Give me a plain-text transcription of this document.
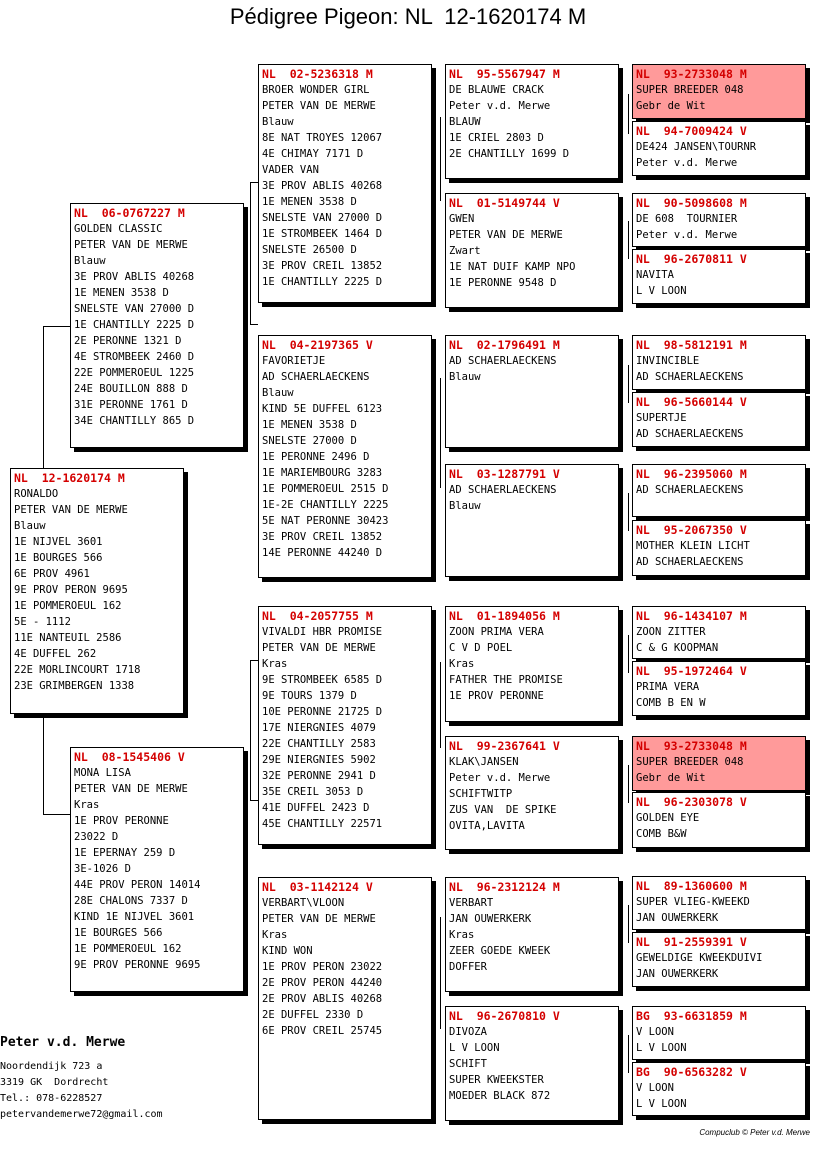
Pédigree Pigeon: NL  12-1620174 M
NL  12-1620174 M
RONALDO
PETER VAN DE MERWE
Blauw
1E NIJVEL 3601
1E BOURGES 566
6E PROV 4961
9E PROV PERON 9695
1E POMMEROEUL 162
5E - 1112
11E NANTEUIL 2586
4E DUFFEL 262
22E MORLINCOURT 1718
23E GRIMBERGEN 1338
NL  06-0767227 M
GOLDEN CLASSIC
PETER VAN DE MERWE
Blauw
3E PROV ABLIS 40268
1E MENEN 3538 D
SNELSTE VAN 27000 D
1E CHANTILLY 2225 D
2E PERONNE 1321 D
4E STROMBEEK 2460 D
22E POMMEROEUL 1225
24E BOUILLON 888 D
31E PERONNE 1761 D
34E CHANTILLY 865 D
NL  08-1545406 V
MONA LISA
PETER VAN DE MERWE
Kras
1E PROV PERONNE
23022 D
1E EPERNAY 259 D
3E-1026 D
44E PROV PERON 14014
28E CHALONS 7337 D
KIND 1E NIJVEL 3601
1E BOURGES 566
1E POMMEROEUL 162
9E PROV PERONNE 9695
NL  02-5236318 M
BROER WONDER GIRL
PETER VAN DE MERWE
Blauw
8E NAT TROYES 12067
4E CHIMAY 7171 D
VADER VAN
3E PROV ABLIS 40268
1E MENEN 3538 D
SNELSTE VAN 27000 D
1E STROMBEEK 1464 D
SNELSTE 26500 D
3E PROV CREIL 13852
1E CHANTILLY 2225 D
NL  04-2197365 V
FAVORIETJE
AD SCHAERLAECKENS
Blauw
KIND 5E DUFFEL 6123
1E MENEN 3538 D
SNELSTE 27000 D
1E PERONNE 2496 D
1E MARIEMBOURG 3283
1E POMMEROEUL 2515 D
1E-2E CHANTILLY 2225
5E NAT PERONNE 30423
3E PROV CREIL 13852
14E PERONNE 44240 D
NL  04-2057755 M
VIVALDI HBR PROMISE
PETER VAN DE MERWE
Kras
9E STROMBEEK 6585 D
9E TOURS 1379 D
10E PERONNE 21725 D
17E NIERGNIES 4079
22E CHANTILLY 2583
29E NIERGNIES 5902
32E PERONNE 2941 D
35E CREIL 3053 D
41E DUFFEL 2423 D
45E CHANTILLY 22571
NL  03-1142124 V
VERBART\VLOON
PETER VAN DE MERWE
Kras
KIND WON
1E PROV PERON 23022
2E PROV PERON 44240
2E PROV ABLIS 40268
2E DUFFEL 2330 D
6E PROV CREIL 25745
NL  95-5567947 M
DE BLAUWE CRACK
Peter v.d. Merwe
BLAUW
1E CRIEL 2803 D
2E CHANTILLY 1699 D
NL  01-5149744 V
GWEN
PETER VAN DE MERWE
Zwart
1E NAT DUIF KAMP NPO
1E PERONNE 9548 D
NL  02-1796491 M
AD SCHAERLAECKENS
Blauw
NL  03-1287791 V
AD SCHAERLAECKENS
Blauw
NL  01-1894056 M
ZOON PRIMA VERA
C V D POEL
Kras
FATHER THE PROMISE
1E PROV PERONNE
NL  99-2367641 V
KLAK\JANSEN
Peter v.d. Merwe
SCHIFTWITP
ZUS VAN  DE SPIKE
OVITA,LAVITA
NL  96-2312124 M
VERBART
JAN OUWERKERK
Kras
ZEER GOEDE KWEEK
DOFFER
NL  96-2670810 V
DIVOZA
L V LOON
SCHIFT
SUPER KWEEKSTER
MOEDER BLACK 872
NL  93-2733048 M
SUPER BREEDER 048
Gebr de Wit
NL  94-7009424 V
DE424 JANSEN\TOURNR
Peter v.d. Merwe
NL  90-5098608 M
DE 608  TOURNIER
Peter v.d. Merwe
NL  96-2670811 V
NAVITA
L V LOON
NL  98-5812191 M
INVINCIBLE
AD SCHAERLAECKENS
NL  96-5660144 V
SUPERTJE
AD SCHAERLAECKENS
NL  96-2395060 M
AD SCHAERLAECKENS
NL  95-2067350 V
MOTHER KLEIN LICHT
AD SCHAERLAECKENS
NL  96-1434107 M
ZOON ZITTER
C & G KOOPMAN
NL  95-1972464 V
PRIMA VERA
COMB B EN W
NL  93-2733048 M
SUPER BREEDER 048
Gebr de Wit
NL  96-2303078 V
GOLDEN EYE
COMB B&W
NL  89-1360600 M
SUPER VLIEG-KWEEKD
JAN OUWERKERK
NL  91-2559391 V
GEWELDIGE KWEEKDUIVI
JAN OUWERKERK
BG  93-6631859 M
V LOON
L V LOON
BG  90-6563282 V
V LOON
L V LOON
Peter v.d. Merwe
Noordendijk 723 a
3319 GK  Dordrecht
Tel.: 078-6228527
petervandemerwe72@gmail.com
Compuclub © Peter v.d. Merwe
